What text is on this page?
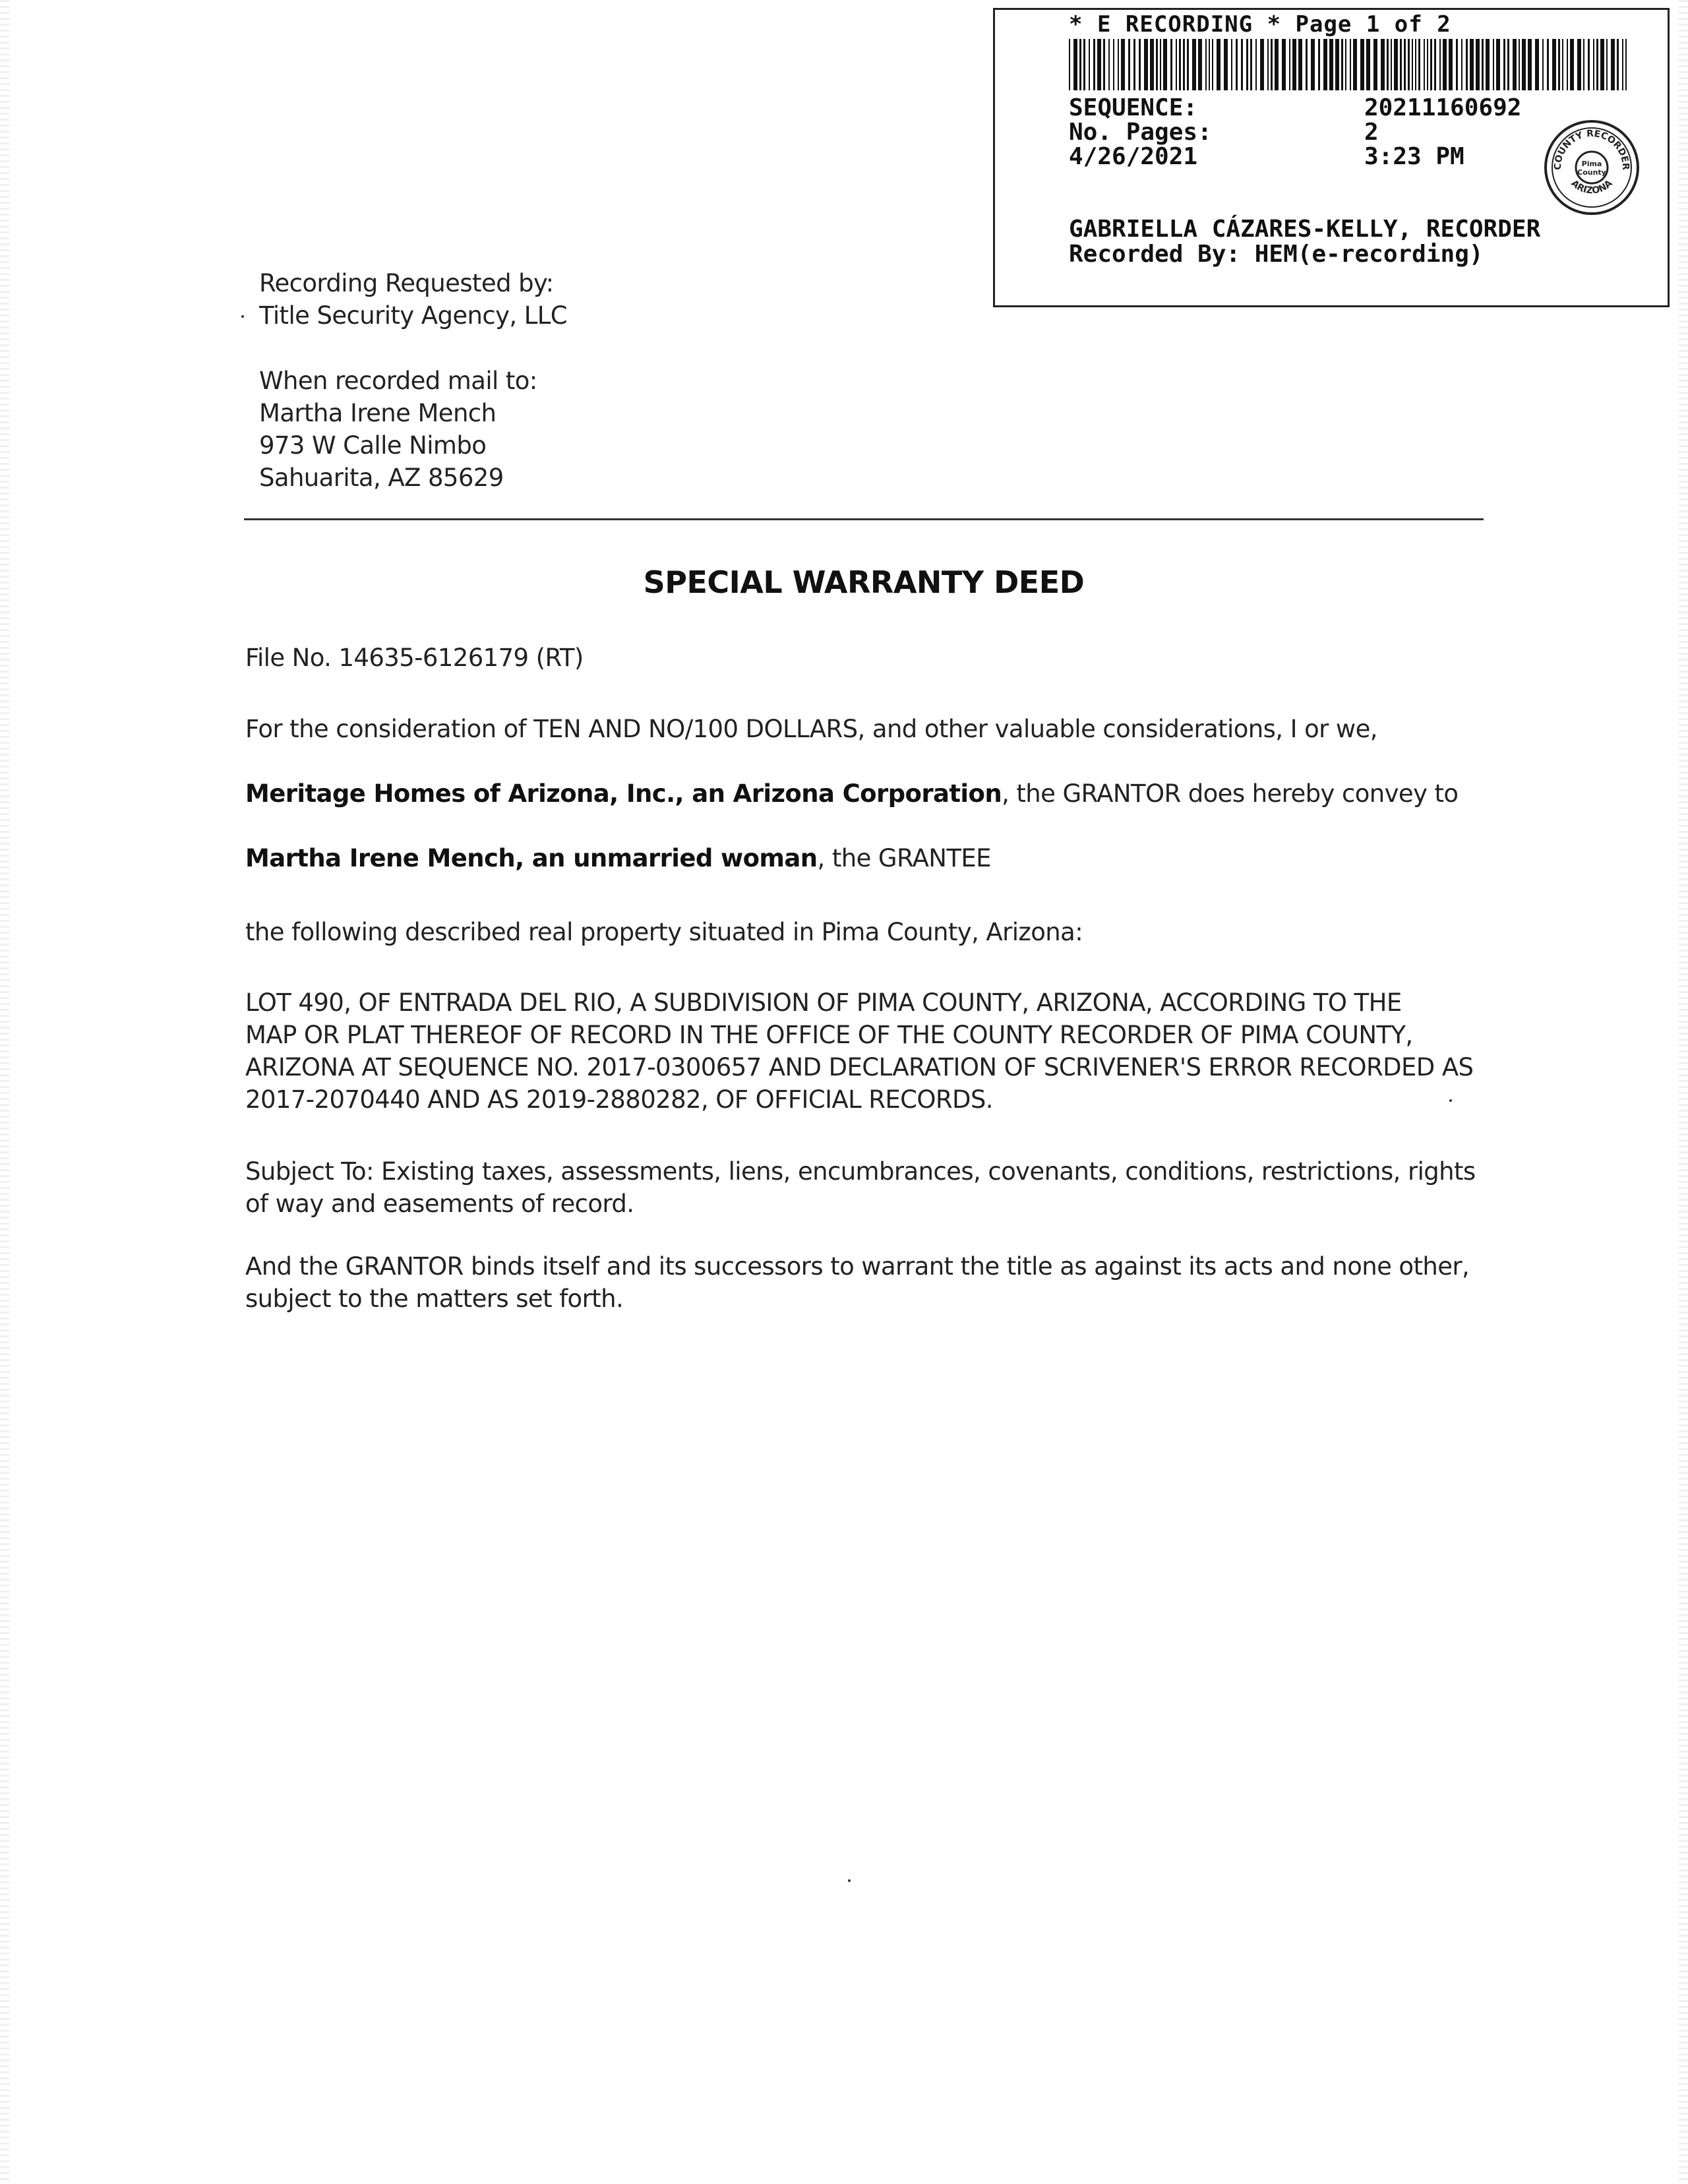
* E RECORDING * Page 1 of 2
SEQUENCE:	20211160692
No. Pages:	2
4/26/2021	3:23 PM	Pima
County
COUNTY RECORDER
ARIZONA
GABRIELLA CÁZARES-KELLY, RECORDER
Recorded By: HEM(e-recording)
Recording Requested by:
Title Security Agency, LLC
When recorded mail to:
Martha Irene Mench
973 W Calle Nimbo
Sahuarita, AZ 85629
SPECIAL WARRANTY DEED
File No. 14635-6126179 (RT)
For the consideration of TEN AND NO/100 DOLLARS, and other valuable considerations, I or we,
Meritage Homes of Arizona, Inc., an Arizona Corporation, the GRANTOR does hereby convey to
Martha Irene Mench, an unmarried woman, the GRANTEE
the following described real property situated in Pima County, Arizona:
LOT 490, OF ENTRADA DEL RIO, A SUBDIVISION OF PIMA COUNTY, ARIZONA, ACCORDING TO THE
MAP OR PLAT THEREOF OF RECORD IN THE OFFICE OF THE COUNTY RECORDER OF PIMA COUNTY,
ARIZONA AT SEQUENCE NO. 2017-0300657 AND DECLARATION OF SCRIVENER'S ERROR RECORDED AS
2017-2070440 AND AS 2019-2880282, OF OFFICIAL RECORDS.
Subject To: Existing taxes, assessments, liens, encumbrances, covenants, conditions, restrictions, rights
of way and easements of record.
And the GRANTOR binds itself and its successors to warrant the title as against its acts and none other,
subject to the matters set forth.
